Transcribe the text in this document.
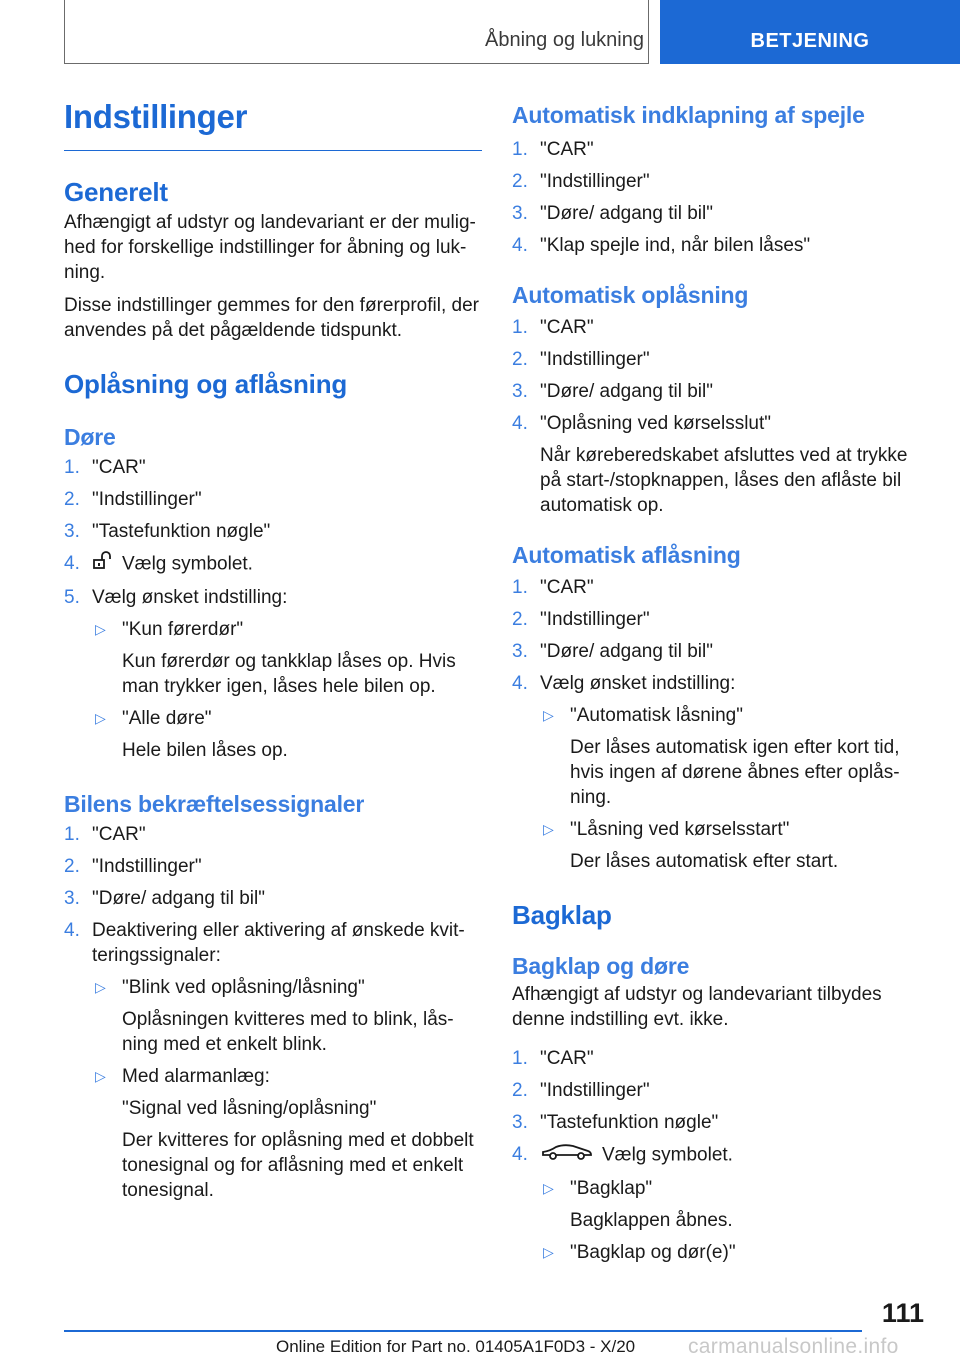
Åbning og lukning	BETJENING
Indstillinger
Generelt

Afhængigt af udstyr og landevariant er der mulig‐hed for forskellige indstillinger for åbning og luk‐ning.

Disse indstillinger gemmes for den førerprofil, der anvendes på det pågældende tidspunkt.

Oplåsning og aflåsning
Døre
1. "CAR"
2. "Indstillinger"
3. "Tastefunktion nøgle"
4.	Vælg symbolet.
5. Vælg ønsket indstilling:
▷ "Kun førerdør"
Kun førerdør og tankklap låses op. Hvis man trykker igen, låses hele bilen op.
▷ "Alle døre"
Hele bilen låses op.
Bilens bekræftelsessignaler
1. "CAR"
2. "Indstillinger"
3. "Døre/ adgang til bil"
4. Deaktivering eller aktivering af ønskede kvit‐teringssignaler:
▷ "Blink ved oplåsning/låsning"
Oplåsningen kvitteres med to blink, lås‐ning med et enkelt blink.
▷ Med alarmanlæg:
"Signal ved låsning/oplåsning"
Der kvitteres for oplåsning med et dobbelt tonesignal og for aflåsning med et enkelt tonesignal.
Automatisk indklapning af spejle
1. "CAR"
2. "Indstillinger"
3. "Døre/ adgang til bil"
4. "Klap spejle ind, når bilen låses"
Automatisk oplåsning
1. "CAR"
2. "Indstillinger"
3. "Døre/ adgang til bil"
4. "Oplåsning ved kørselsslut"
Når køreberedskabet afsluttes ved at trykke på start-/stopknappen, låses den aflåste bil automatisk op.
Automatisk aflåsning
1. "CAR"
2. "Indstillinger"
3. "Døre/ adgang til bil"
4. Vælg ønsket indstilling:
▷ "Automatisk låsning"
Der låses automatisk igen efter kort tid, hvis ingen af dørene åbnes efter oplås‐ning.
▷ "Låsning ved kørselsstart"
Der låses automatisk efter start.
Bagklap
Bagklap og døre

Afhængigt af udstyr og landevariant tilbydes denne indstilling evt. ikke.

1. "CAR"
2. "Indstillinger"
3. "Tastefunktion nøgle"
4.	Vælg symbolet.
▷ "Bagklap"
Bagklappen åbnes.
▷ "Bagklap og dør(e)"
111
Online Edition for Part no. 01405A1F0D3 - X/20	carmanualsonline.info
